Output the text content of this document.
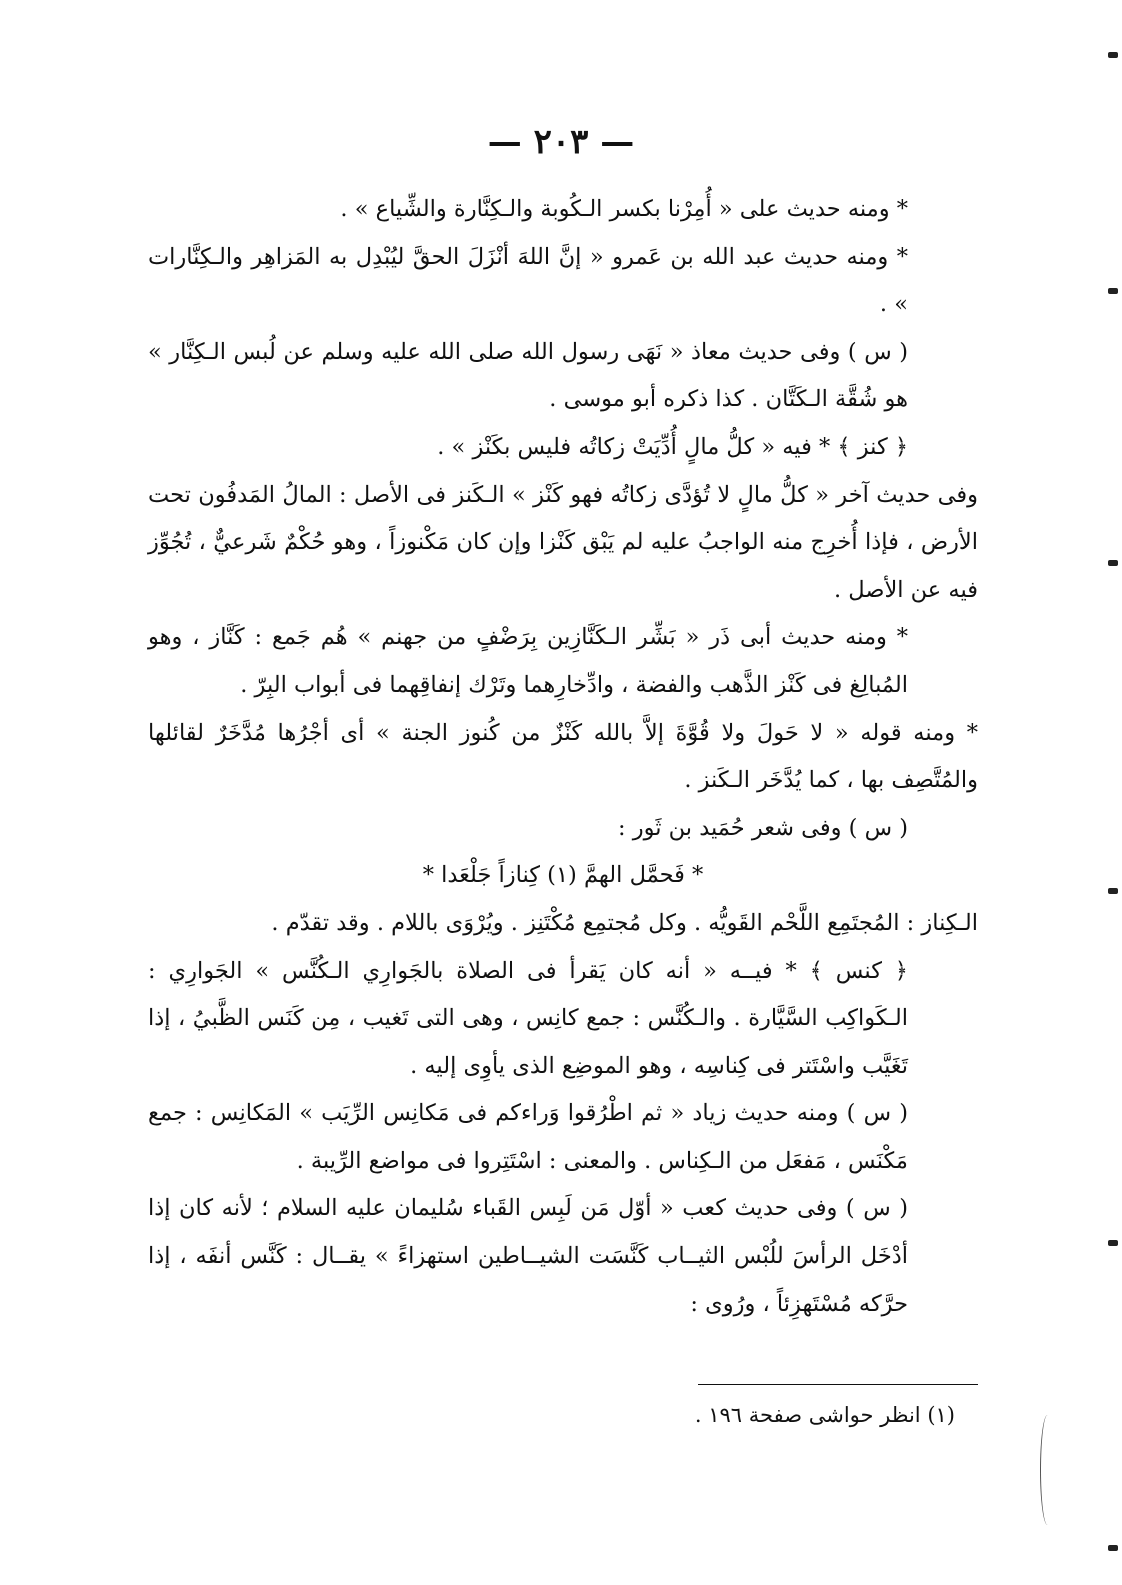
— ٢٠٣ —

* ومنه حديث على « أُمِرْنا بكسر الـكُوبة والـكِنَّارة والشِّياع » .

* ومنه حديث عبد الله بن عَمرو « إنَّ اللهَ أنْزَلَ الحقَّ ليُبْدِل به المَزاهِر والـكِنَّارات » .

( س ) وفى حديث معاذ « نَهَى رسول الله صلى الله عليه وسلم عن لُبس الـكِنَّار » هو شُقَّة الـكَتَّان . كذا ذكره أبو موسى .

﴿ كنز ﴾ * فيه « كلُّ مالٍ أُدِّيَتْ زكاتُه فليس بكَنْز » .

وفى حديث آخر « كلُّ مالٍ لا تُؤدَّى زكاتُه فهو كَنْز » الـكَنز فى الأصل : المالُ المَدفُون تحت الأرض ، فإذا أُخرِج منه الواجبُ عليه لم يَبْق كَنْزا وإن كان مَكْنوزاً ، وهو حُكْمٌ شَرعيٌّ ، تُجُوِّز فيه عن الأصل .

* ومنه حديث أبى ذَر « بَشِّر الـكَنَّازِين بِرَضْفٍ من جهنم » هُم جَمع : كَنَّاز ، وهو المُبالِغ فى كَنْز الذَّهب والفضة ، وادِّخارِهما وتَرْك إنفاقِهما فى أبواب البِرّ .

* ومنه قوله « لا حَولَ ولا قُوَّةَ إلاَّ بالله كَنْزٌ من كُنوز الجنة » أى أجْرُها مُدَّخَرٌ لقائلها والمُتَّصِف بها ، كما يُدَّخَر الـكَنز .

( س ) وفى شعر حُمَيد بن ثَور :

* فَحمَّل الهمَّ (١) كِنازاً جَلْعَدا *

الـكِناز : المُجتَمِع اللَّحْم القَويُّه . وكل مُجتمِع مُكْتَنِز . ويُرْوَى باللام . وقد تقدّم .

﴿ كنس ﴾ * فيــه « أنه كان يَقرأ فى الصلاة بالجَوارِي الـكُنَّس » الجَوارِي : الـكَواكِب السَّيَّارة . والـكُنَّس : جمع كانِس ، وهى التى تَغيب ، مِن كَنَس الظَّبيُ ، إذا تَغَيَّب واسْتَتر فى كِناسِه ، وهو الموضِع الذى يأوِى إليه .

( س ) ومنه حديث زياد « ثم اطْرُقوا وَراءكم فى مَكانِس الرِّيَب » المَكانِس : جمع مَكْنَس ، مَفعَل من الـكِناس . والمعنى : اسْتَتِروا فى مواضع الرِّيبة .

( س ) وفى حديث كعب « أوّل مَن لَبِس القَباء سُليمان عليه السلام ؛ لأنه كان إذا أدْخَل الرأسَ للُبْس الثيــاب كَنَّسَت الشيــاطين استهزاءً » يقــال : كَنَّس أنفَه ، إذا حرَّكه مُسْتَهزِئاً ، ورُوى :

(١) انظر حواشى صفحة ١٩٦ .
